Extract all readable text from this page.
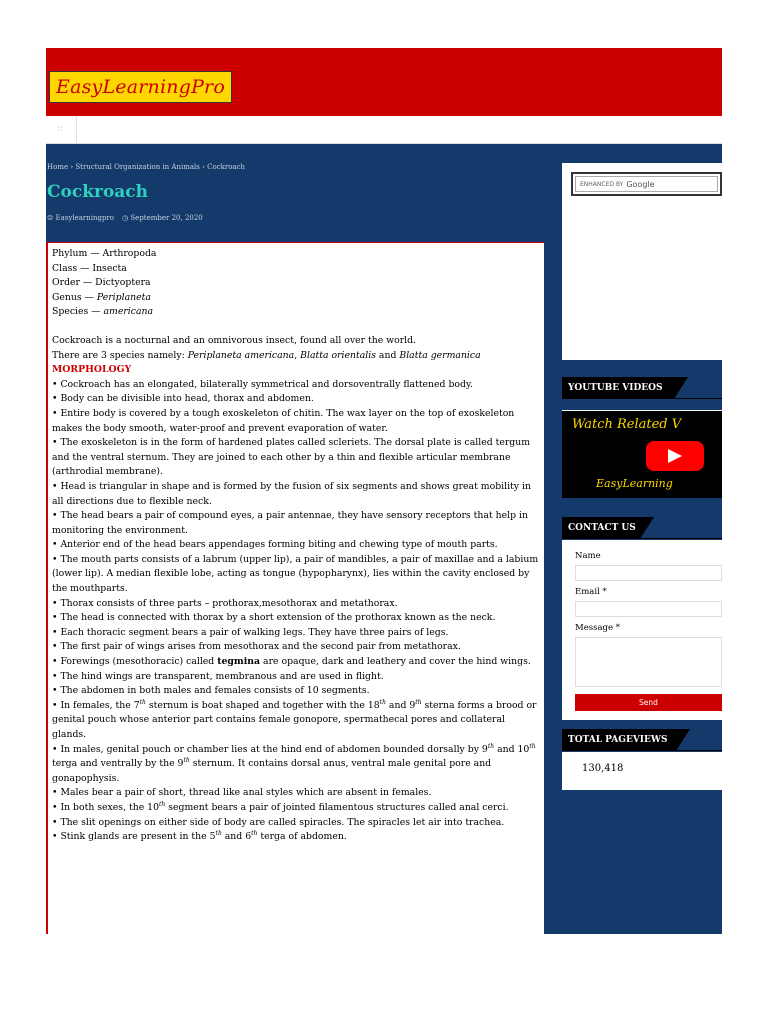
EasyLearningPro
∷
Home › Structural Organization in Animals › Cockroach
Cockroach
☺ Easylearningpro ◷ September 20, 2020

Phylum — Arthropoda

Class — Insecta

Order — Dictyoptera

Genus — Periplaneta

Species — americana

Cockroach is a nocturnal and an omnivorous insect, found all over the world.

There are 3 species namely: Periplaneta americana, Blatta orientalis and Blatta germanica

MORPHOLOGY

• Cockroach has an elongated, bilaterally symmetrical and dorsoventrally flattened body.

• Body can be divisible into head, thorax and abdomen.

• Entire body is covered by a tough exoskeleton of chitin. The wax layer on the top of exoskeleton makes the body smooth, water-proof and prevent evaporation of water.

• The exoskeleton is in the form of hardened plates called scleriets. The dorsal plate is called tergum and the ventral sternum. They are joined to each other by a thin and flexible articular membrane (arthrodial membrane).

• Head is triangular in shape and is formed by the fusion of six segments and shows great mobility in all directions due to flexible neck.

• The head bears a pair of compound eyes, a pair antennae, they have sensory receptors that help in monitoring the environment.

• Anterior end of the head bears appendages forming biting and chewing type of mouth parts.

• The mouth parts consists of a labrum (upper lip), a pair of mandibles, a pair of maxillae and a labium (lower lip). A median flexible lobe, acting as tongue (hypopharynx), lies within the cavity enclosed by the mouthparts.

• Thorax consists of three parts – prothorax,mesothorax and metathorax.

• The head is connected with thorax by a short extension of the prothorax known as the neck.

• Each thoracic segment bears a pair of walking legs. They have three pairs of legs.

• The first pair of wings arises from mesothorax and the second pair from metathorax.

• Forewings (mesothoracic) called tegmina are opaque, dark and leathery and cover the hind wings.

• The hind wings are transparent, membranous and are used in flight.

• The abdomen in both males and females consists of 10 segments.

• In females, the 7th sternum is boat shaped and together with the 18th and 9th sterna forms a brood or genital pouch whose anterior part contains female gonopore, spermathecal pores and collateral glands.

• In males, genital pouch or chamber lies at the hind end of abdomen bounded dorsally by 9th and 10th terga and ventrally by the 9th sternum. It contains dorsal anus, ventral male genital pore and gonapophysis.

• Males bear a pair of short, thread like anal styles which are absent in females.

• In both sexes, the 10th segment bears a pair of jointed filamentous structures called anal cerci.

• The slit openings on either side of body are called spiracles. The spiracles let air into trachea.

• Stink glands are present in the 5th and 6th terga of abdomen.

ENHANCED BY Google
YOUTUBE VIDEOS
Watch Related V
EasyLearning
CONTACT US
Name
Email *
Message *
Send
TOTAL PAGEVIEWS
130,418
